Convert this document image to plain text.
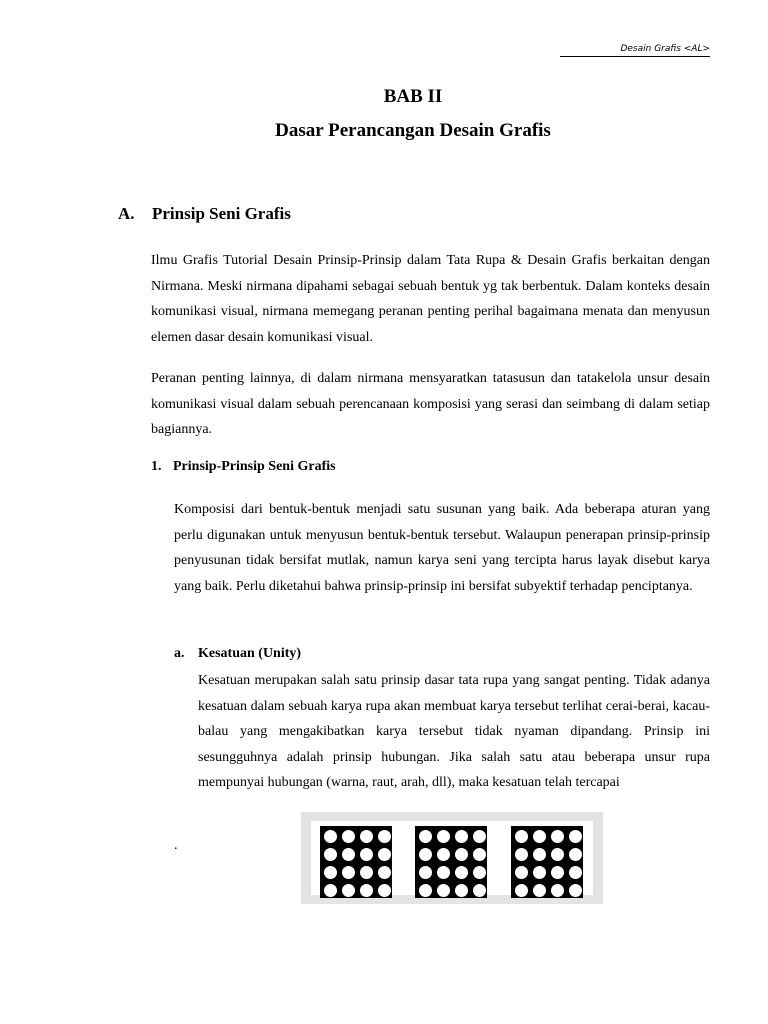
Desain Grafis <AL>
BAB II
Dasar Perancangan Desain Grafis
A. Prinsip Seni Grafis
Ilmu Grafis Tutorial Desain Prinsip-Prinsip dalam Tata Rupa & Desain Grafis berkaitan dengan Nirmana. Meski nirmana dipahami sebagai sebuah bentuk yg tak berbentuk. Dalam konteks desain komunikasi visual, nirmana memegang peranan penting perihal bagaimana menata dan menyusun elemen dasar desain komunikasi visual.
Peranan penting lainnya, di dalam nirmana mensyaratkan tatasusun dan tatakelola unsur desain komunikasi visual dalam sebuah perencanaan komposisi yang serasi dan seimbang di dalam setiap bagiannya.
1. Prinsip-Prinsip Seni Grafis
Komposisi dari bentuk-bentuk menjadi satu susunan yang baik. Ada beberapa aturan yang perlu digunakan untuk menyusun bentuk-bentuk tersebut. Walaupun penerapan prinsip-prinsip penyusunan tidak bersifat mutlak, namun karya seni yang tercipta harus layak disebut karya yang baik. Perlu diketahui bahwa prinsip-prinsip ini bersifat subyektif terhadap penciptanya.
a. Kesatuan (Unity)
Kesatuan merupakan salah satu prinsip dasar tata rupa yang sangat penting. Tidak adanya kesatuan dalam sebuah karya rupa akan membuat karya tersebut terlihat cerai-berai, kacau-balau yang mengakibatkan karya tersebut tidak nyaman dipandang. Prinsip ini sesungguhnya adalah prinsip hubungan. Jika salah satu atau beberapa unsur rupa mempunyai hubungan (warna, raut, arah, dll), maka kesatuan telah tercapai
.
